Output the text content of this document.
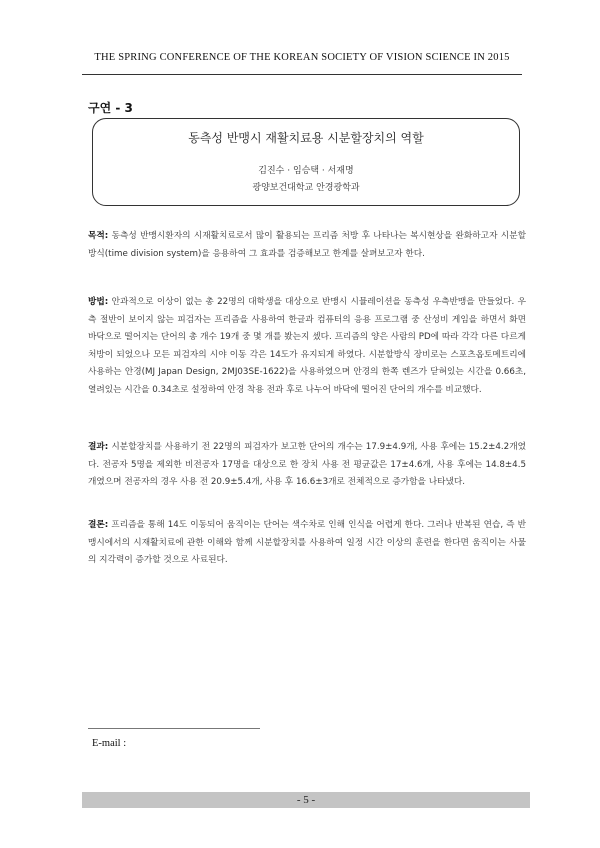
THE SPRING CONFERENCE OF THE KOREAN SOCIETY OF VISION SCIENCE IN 2015
구연 - 3
동측성 반맹시 재활치료용 시분할장치의 역할
김진수 · 임승택 · 서재명
광양보건대학교 안경광학과
목적: 동측성 반맹시환자의 시재활치료로서 많이 활용되는 프리즘 처방 후 나타나는 복시현상을 완화하고자 시분할방식(time division system)을 응용하여 그 효과를 검증해보고 한계를 살펴보고자 한다.
방법: 안과적으로 이상이 없는 총 22명의 대학생을 대상으로 반맹시 시뮬레이션을 동측성 우측반맹을 만들었다. 우측 절반이 보이지 않는 피검자는 프리즘을 사용하여 한글과 컴퓨터의 응용 프로그램 중 산성비 게임을 하면서 화면 바닥으로 떨어지는 단어의 총 개수 19개 중 몇 개를 봤는지 셌다. 프리즘의 양은 사람의 PD에 따라 각각 다른 다르게 처방이 되었으나 모든 피검자의 시야 이동 각은 14도가 유지되게 하였다. 시분할방식 장비로는 스포츠옵토메트리에 사용하는 안경(MJ Japan Design, 2MJ03SE-1622)을 사용하였으며 안경의 한쪽 렌즈가 닫혀있는 시간을 0.66초, 열려있는 시간을 0.34초로 설정하여 안경 착용 전과 후로 나누어 바닥에 떨어진 단어의 개수를 비교했다.
결과: 시분할장치를 사용하기 전 22명의 피검자가 보고한 단어의 개수는 17.9±4.9개, 사용 후에는 15.2±4.2개였다. 전공자 5명을 제외한 비전공자 17명을 대상으로 한 장치 사용 전 평균값은 17±4.6개, 사용 후에는 14.8±4.5개였으며 전공자의 경우 사용 전 20.9±5.4개, 사용 후 16.6±3개로 전체적으로 증가함을 나타냈다.
결론: 프리즘을 통해 14도 이동되어 움직이는 단어는 색수차로 인해 인식을 어렵게 한다. 그러나 반복된 연습, 즉 반맹시에서의 시재활치료에 관한 이해와 함께 시분할장치를 사용하여 일정 시간 이상의 훈련을 한다면 움직이는 사물의 지각력이 증가할 것으로 사료된다.
E-mail :
- 5 -
